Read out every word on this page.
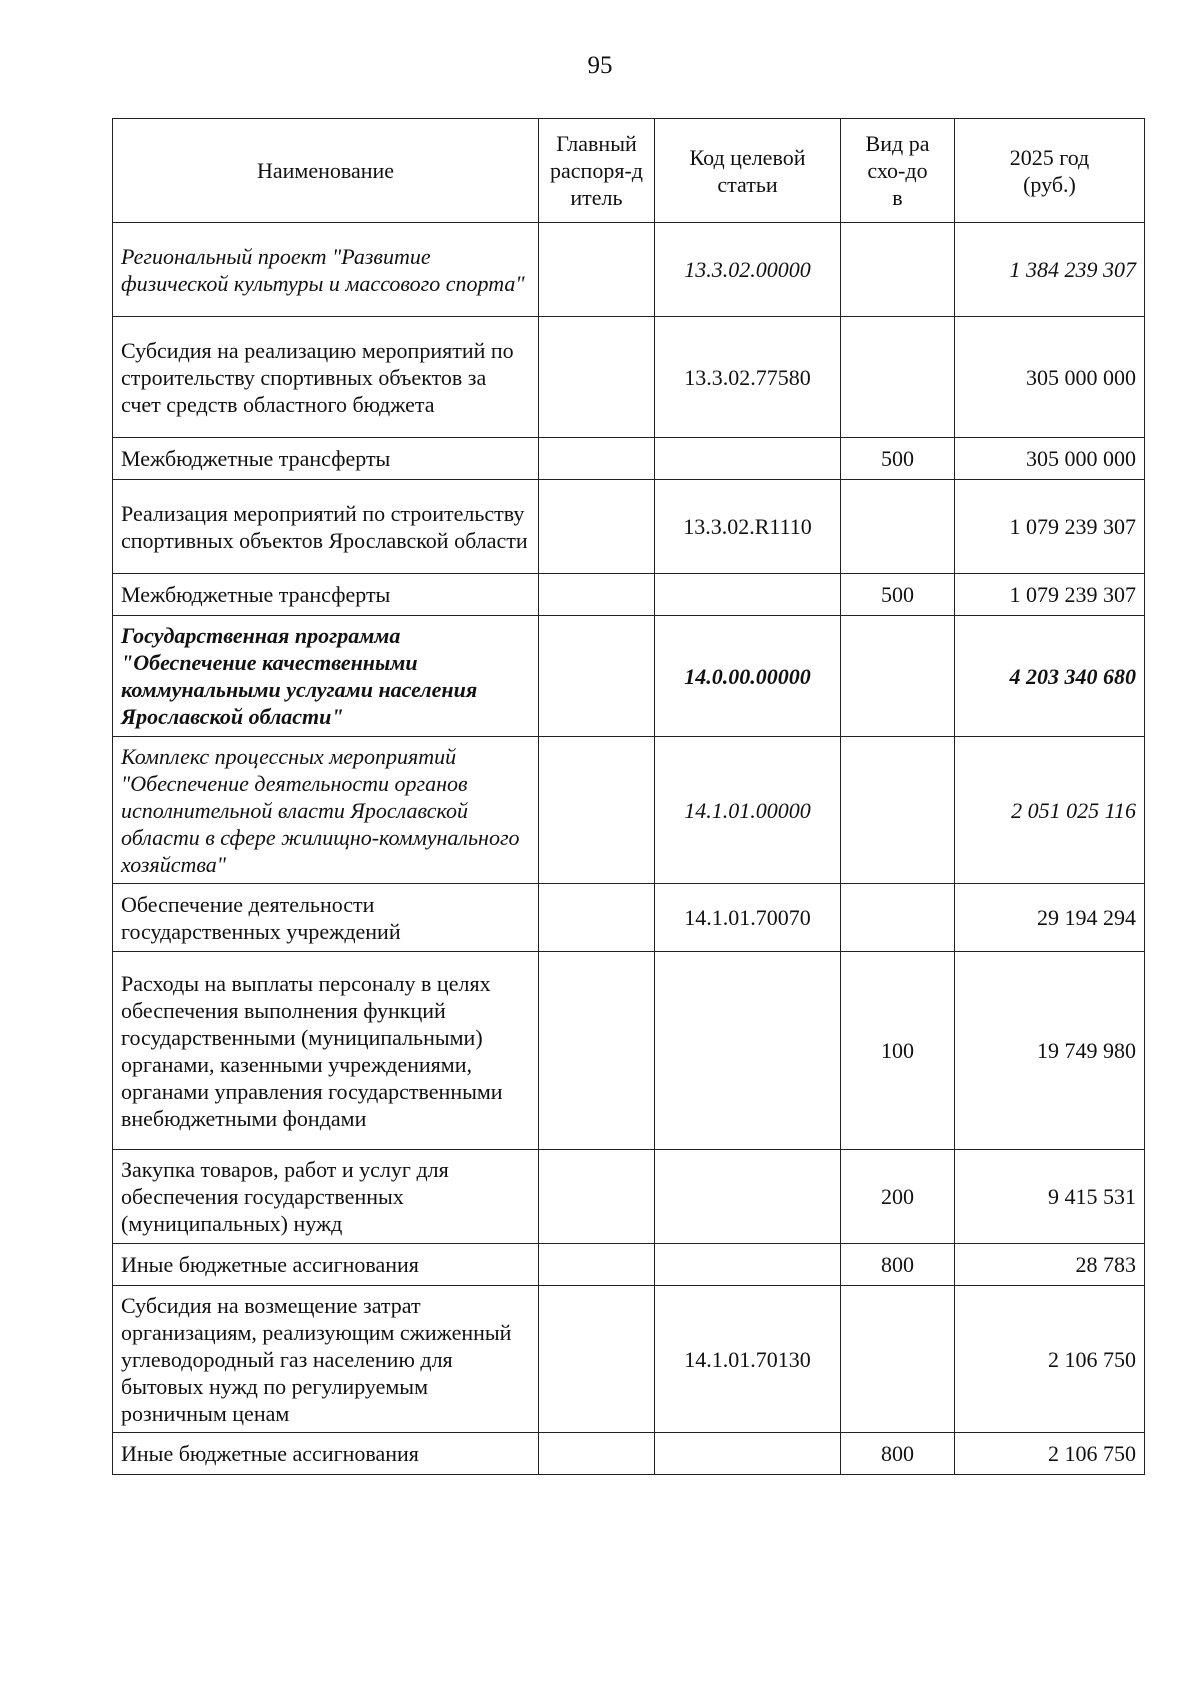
95
Наименование	Главный распоря-дитель	Код целевой статьи	Вид расхо-дов	2025 год (руб.)
Региональный проект "Развитие физической культуры и массового спорта"		13.3.02.00000		1 384 239 307
Субсидия на реализацию мероприятий по строительству спортивных объектов за счет средств областного бюджета		13.3.02.77580		305 000 000
Межбюджетные трансферты			500	305 000 000
Реализация мероприятий по строительству спортивных объектов Ярославской области		13.3.02.R1110		1 079 239 307
Межбюджетные трансферты			500	1 079 239 307
Государственная программа "Обеспечение качественными коммунальными услугами населения Ярославской области"		14.0.00.00000		4 203 340 680
Комплекс процессных мероприятий "Обеспечение деятельности органов исполнительной власти Ярославской области в сфере жилищно-коммунального хозяйства"		14.1.01.00000		2 051 025 116
Обеспечение деятельности государственных учреждений		14.1.01.70070		29 194 294
Расходы на выплаты персоналу в целях обеспечения выполнения функций государственными (муниципальными) органами, казенными учреждениями, органами управления государственными внебюджетными фондами			100	19 749 980
Закупка товаров, работ и услуг для обеспечения государственных (муниципальных) нужд			200	9 415 531
Иные бюджетные ассигнования			800	28 783
Субсидия на возмещение затрат организациям, реализующим сжиженный углеводородный газ населению для бытовых нужд по регулируемым розничным ценам		14.1.01.70130		2 106 750
Иные бюджетные ассигнования			800	2 106 750
